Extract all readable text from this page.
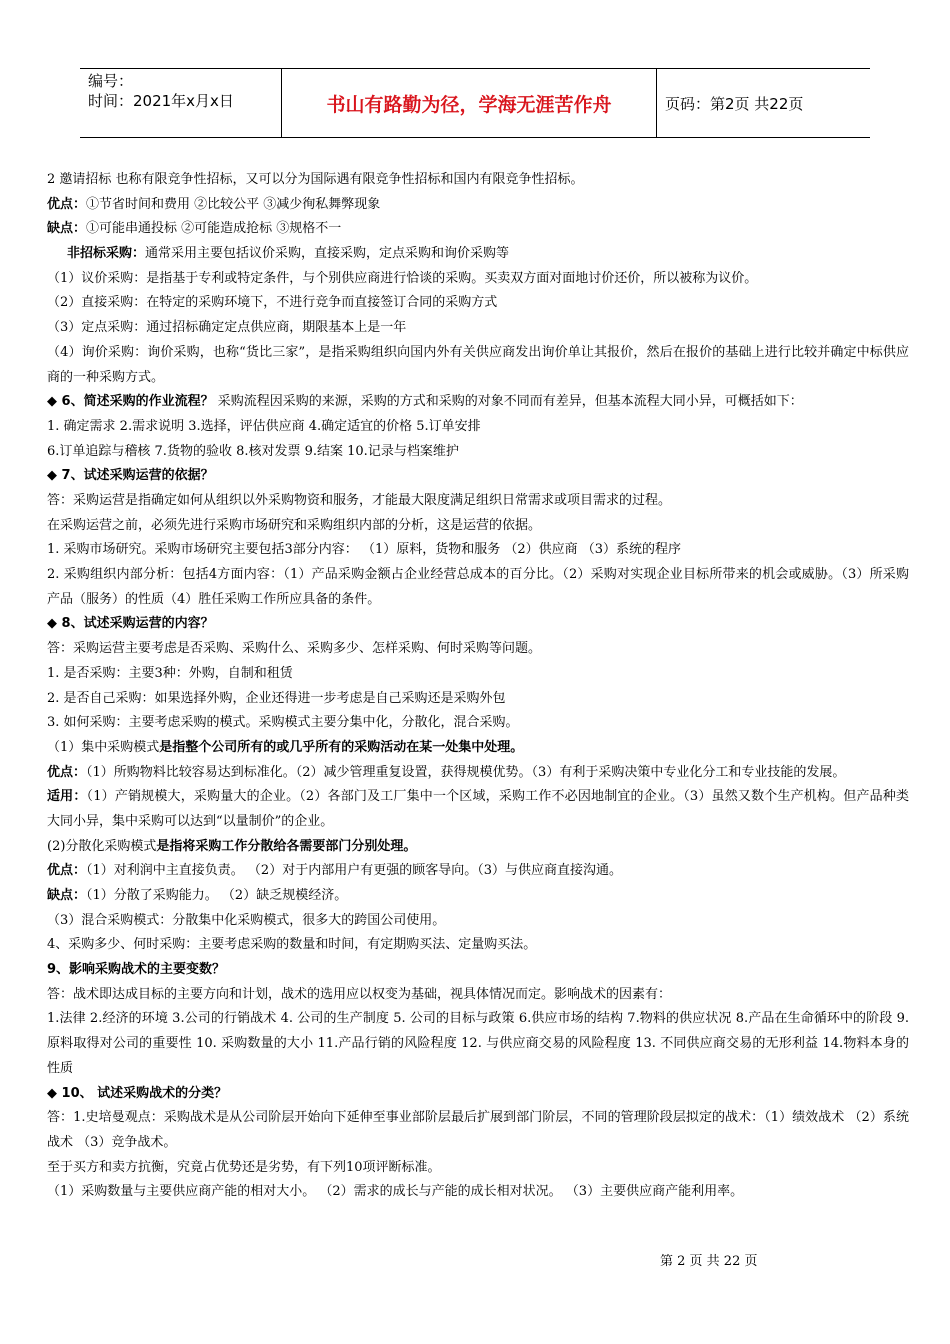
编号：
时间：2021年x月x日	书山有路勤为径，学海无涯苦作舟	页码：第2页 共22页
2 邀请招标 也称有限竞争性招标，又可以分为国际遇有限竞争性招标和国内有限竞争性招标。
优点：①节省时间和费用 ②比较公平 ③减少徇私舞弊现象
缺点：①可能串通投标 ②可能造成抢标 ③规格不一
非招标采购：通常采用主要包括议价采购，直接采购，定点采购和询价采购等
（1）议价采购：是指基于专利或特定条件，与个别供应商进行恰谈的采购。买卖双方面对面地讨价还价，所以被称为议价。
（2）直接采购：在特定的采购环境下，不进行竞争而直接签订合同的采购方式
（3）定点采购：通过招标确定定点供应商，期限基本上是一年
（4）询价采购：询价采购，也称“货比三家”，是指采购组织向国内外有关供应商发出询价单让其报价，然后在报价的基础上进行比较并确定中标供应商的一种采购方式。
◆ 6、简述采购的作业流程？ 采购流程因采购的来源，采购的方式和采购的对象不同而有差异，但基本流程大同小异，可概括如下：
1. 确定需求 2.需求说明 3.选择，评估供应商 4.确定适宜的价格 5.订单安排
6.订单追踪与稽核 7.货物的验收 8.核对发票 9.结案 10.记录与档案维护
◆ 7、试述采购运营的依据？
答：采购运营是指确定如何从组织以外采购物资和服务，才能最大限度满足组织日常需求或项目需求的过程。
在采购运营之前，必须先进行采购市场研究和采购组织内部的分析，这是运营的依据。
1. 采购市场研究。采购市场研究主要包括3部分内容： （1）原料，货物和服务 （2）供应商 （3）系统的程序
2. 采购组织内部分析：包括4方面内容：（1）产品采购金额占企业经营总成本的百分比。（2）采购对实现企业目标所带来的机会或威胁。（3）所采购产品（服务）的性质（4）胜任采购工作所应具备的条件。
◆ 8、试述采购运营的内容？
答：采购运营主要考虑是否采购、采购什么、采购多少、怎样采购、何时采购等问题。
1. 是否采购：主要3种：外购，自制和租赁
2. 是否自己采购：如果选择外购，企业还得进一步考虑是自己采购还是采购外包
3. 如何采购：主要考虑采购的模式。采购模式主要分集中化，分散化，混合采购。
（1）集中采购模式是指整个公司所有的或几乎所有的采购活动在某一处集中处理。
优点：（1）所购物料比较容易达到标准化。（2）减少管理重复设置，获得规模优势。（3）有利于采购决策中专业化分工和专业技能的发展。
适用：（1）产销规模大，采购量大的企业。（2）各部门及工厂集中一个区域，采购工作不必因地制宜的企业。（3）虽然又数个生产机构。但产品种类大同小异，集中采购可以达到“以量制价”的企业。
(2)分散化采购模式是指将采购工作分散给各需要部门分别处理。
优点：（1）对利润中主直接负责。 （2）对于内部用户有更强的顾客导向。（3）与供应商直接沟通。
缺点：（1）分散了采购能力。 （2）缺乏规模经济。
（3）混合采购模式：分散集中化采购模式，很多大的跨国公司使用。
4、采购多少、何时采购：主要考虑采购的数量和时间，有定期购买法、定量购买法。
9、影响采购战术的主要变数？
答：战术即达成目标的主要方向和计划，战术的选用应以权变为基础，视具体情况而定。影响战术的因素有：
1.法律 2.经济的环境 3.公司的行销战术 4. 公司的生产制度 5. 公司的目标与政策 6.供应市场的结构 7.物料的供应状况 8.产品在生命循环中的阶段 9.原料取得对公司的重要性 10. 采购数量的大小 11.产品行销的风险程度 12. 与供应商交易的风险程度 13. 不同供应商交易的无形利益 14.物料本身的性质
◆ 10、 试述采购战术的分类？
答：1.史培曼观点：采购战术是从公司阶层开始向下延伸至事业部阶层最后扩展到部门阶层，不同的管理阶段层拟定的战术：（1）绩效战术 （2）系统战术 （3）竞争战术。
至于买方和卖方抗衡，究竟占优势还是劣势，有下列10项评断标准。
（1）采购数量与主要供应商产能的相对大小。 （2）需求的成长与产能的成长相对状况。 （3）主要供应商产能利用率。
第 2 页 共 22 页
